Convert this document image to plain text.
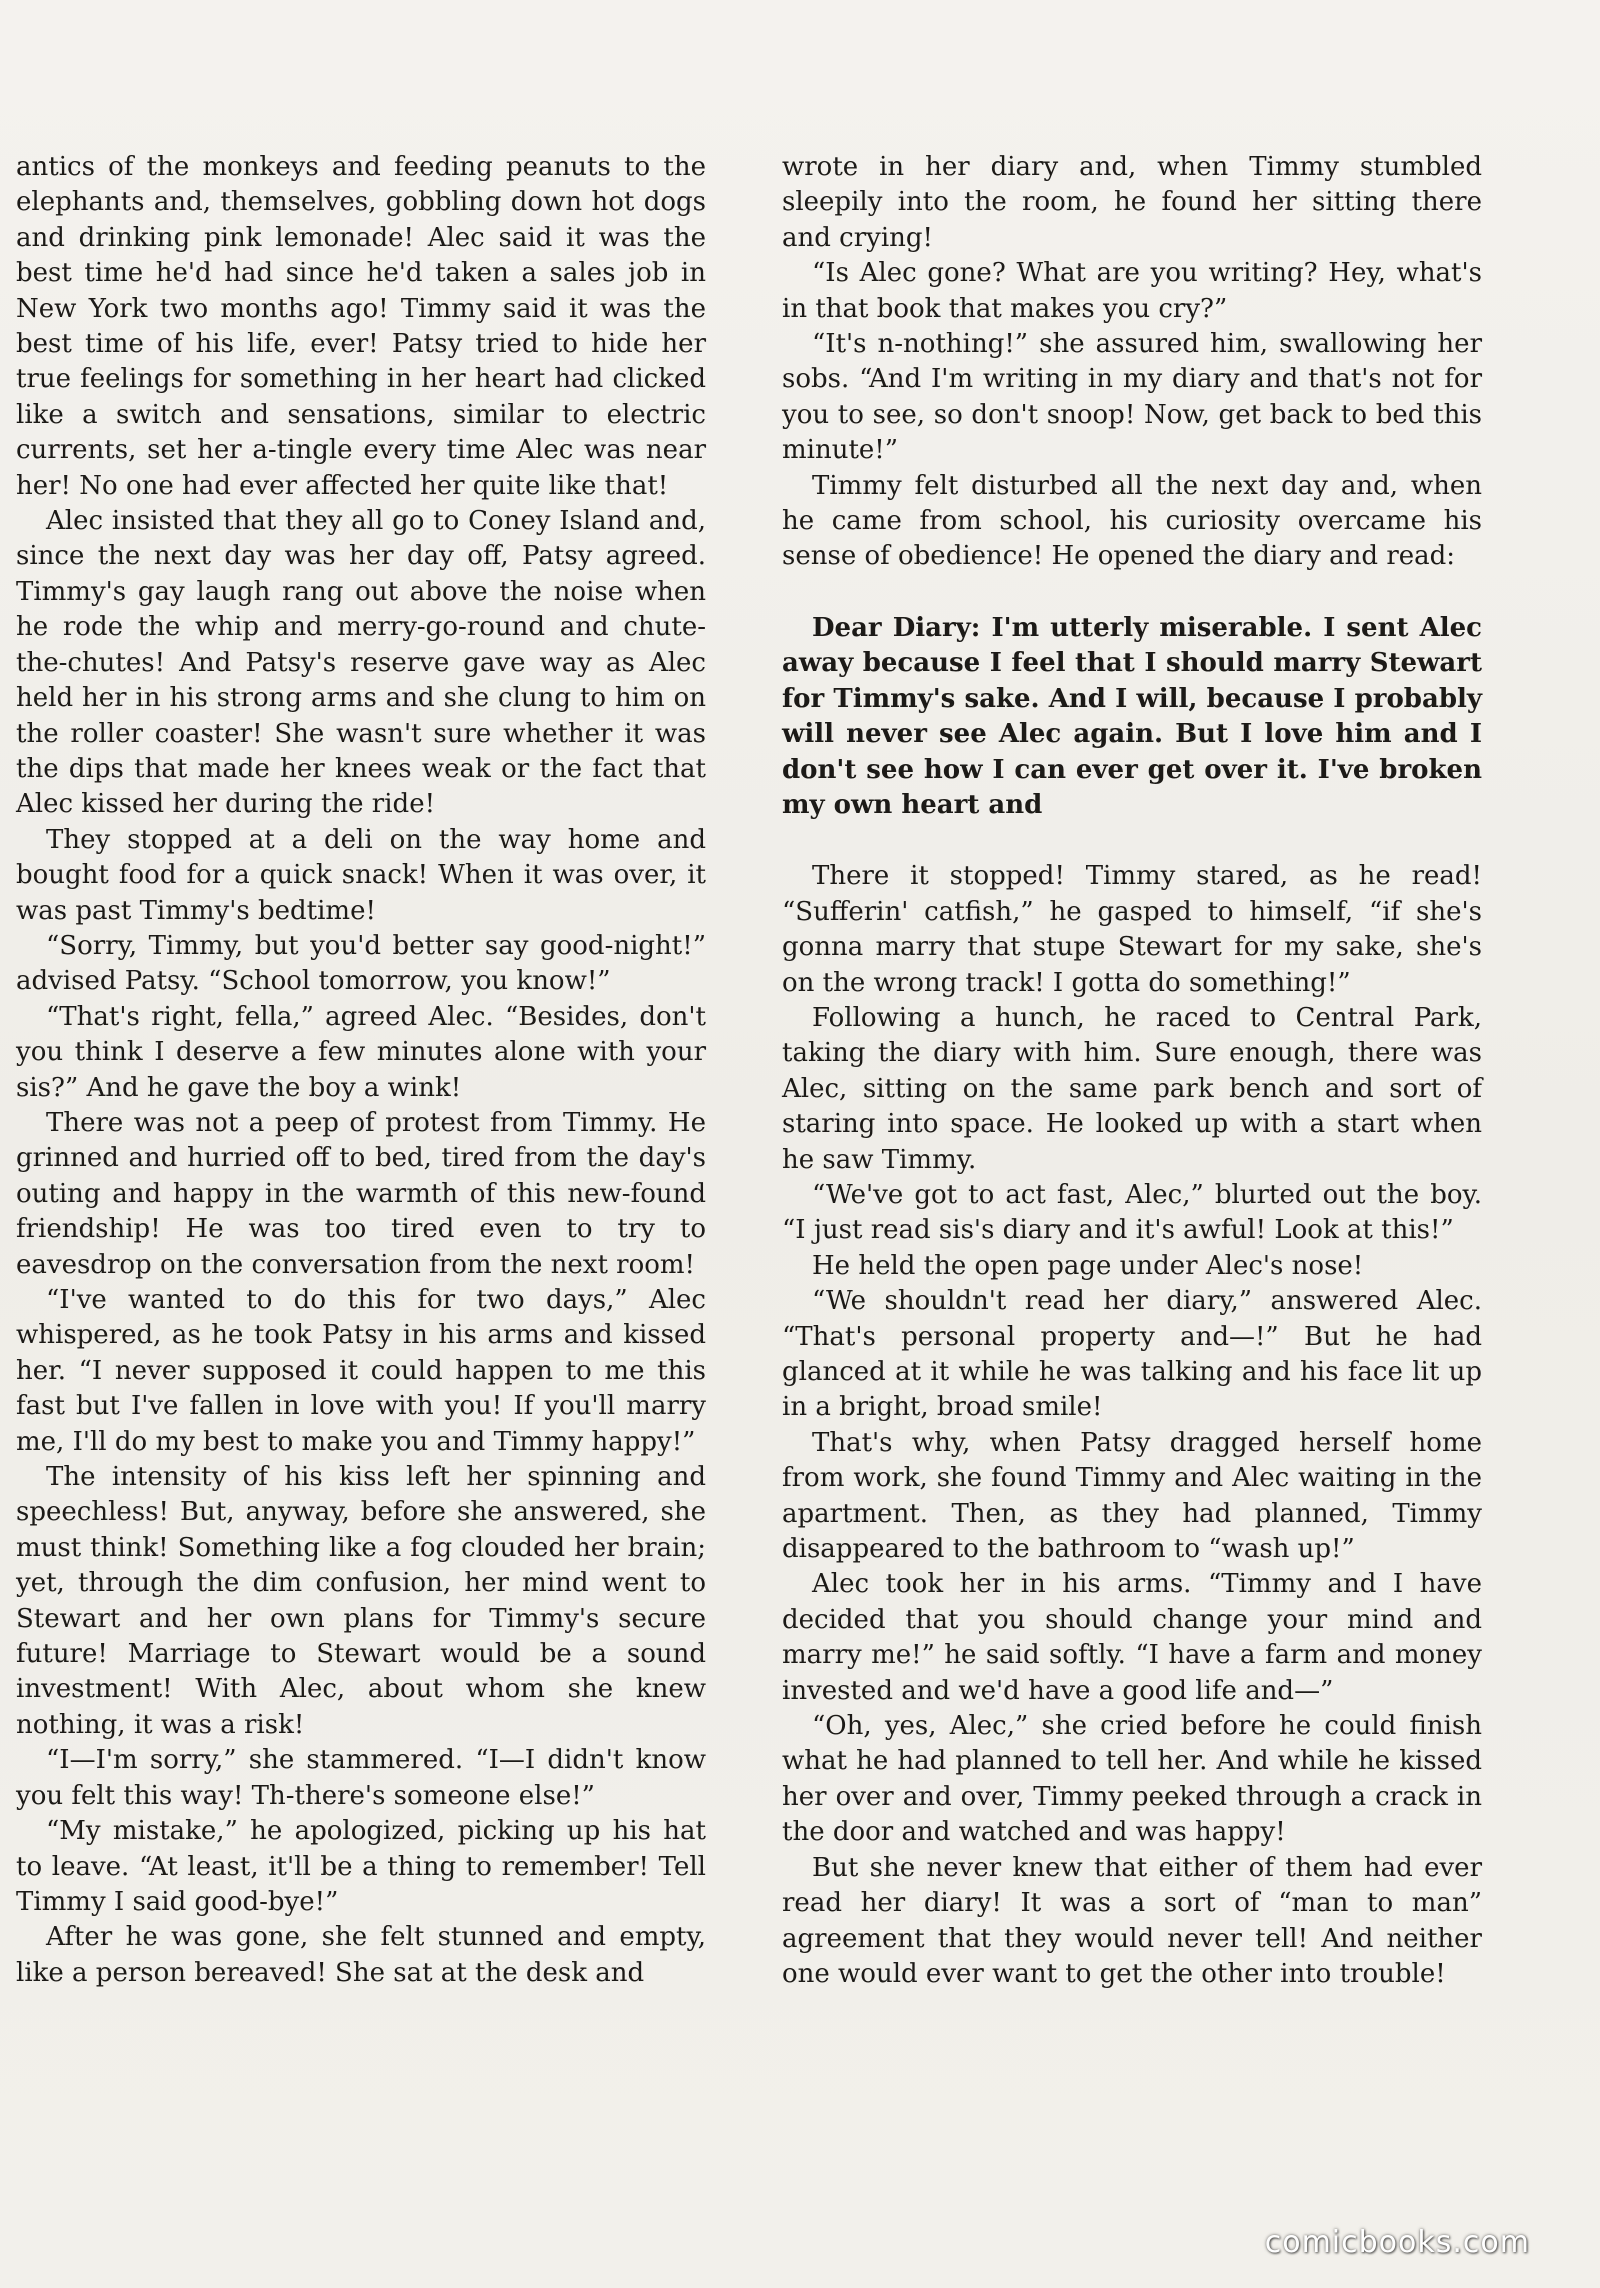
antics of the monkeys and feeding peanuts to the elephants and, themselves, gobbling down hot dogs and drinking pink lemonade! Alec said it was the best time he'd had since he'd taken a sales job in New York two months ago! Timmy said it was the best time of his life, ever! Patsy tried to hide her true feelings for something in her heart had clicked like a switch and sensations, similar to electric currents, set her a-tingle every time Alec was near her! No one had ever affected her quite like that!

Alec insisted that they all go to Coney Island and, since the next day was her day off, Patsy agreed. Timmy's gay laugh rang out above the noise when he rode the whip and merry-go-round and chute-the-chutes! And Patsy's reserve gave way as Alec held her in his strong arms and she clung to him on the roller coaster! She wasn't sure whether it was the dips that made her knees weak or the fact that Alec kissed her during the ride!

They stopped at a deli on the way home and bought food for a quick snack! When it was over, it was past Timmy's bedtime!

“Sorry, Timmy, but you'd better say good-night!” advised Patsy. “School tomorrow, you know!”

“That's right, fella,” agreed Alec. “Besides, don't you think I deserve a few minutes alone with your sis?” And he gave the boy a wink!

There was not a peep of protest from Timmy. He grinned and hurried off to bed, tired from the day's outing and happy in the warmth of this new-found friendship! He was too tired even to try to eavesdrop on the conversation from the next room!

“I've wanted to do this for two days,” Alec whispered, as he took Patsy in his arms and kissed her. “I never supposed it could happen to me this fast but I've fallen in love with you! If you'll marry me, I'll do my best to make you and Timmy happy!”

The intensity of his kiss left her spinning and speechless! But, anyway, before she answered, she must think! Something like a fog clouded her brain; yet, through the dim confusion, her mind went to Stewart and her own plans for Timmy's secure future! Marriage to Stewart would be a sound investment! With Alec, about whom she knew nothing, it was a risk!

“I—I'm sorry,” she stammered. “I—I didn't know you felt this way! Th-there's someone else!”

“My mistake,” he apologized, picking up his hat to leave. “At least, it'll be a thing to remember! Tell Timmy I said good-bye!”

After he was gone, she felt stunned and empty, like a person bereaved! She sat at the desk and

wrote in her diary and, when Timmy stumbled sleepily into the room, he found her sitting there and crying!

“Is Alec gone? What are you writing? Hey, what's in that book that makes you cry?”

“It's n-nothing!” she assured him, swallowing her sobs. “And I'm writing in my diary and that's not for you to see, so don't snoop! Now, get back to bed this minute!”

Timmy felt disturbed all the next day and, when he came from school, his curiosity overcame his sense of obedience! He opened the diary and read:

Dear Diary: I'm utterly miserable. I sent Alec away because I feel that I should marry Stewart for Timmy's sake. And I will, because I probably will never see Alec again. But I love him and I don't see how I can ever get over it. I've broken my own heart and

There it stopped! Timmy stared, as he read! “Sufferin' catfish,” he gasped to himself, “if she's gonna marry that stupe Stewart for my sake, she's on the wrong track! I gotta do something!”

Following a hunch, he raced to Central Park, taking the diary with him. Sure enough, there was Alec, sitting on the same park bench and sort of staring into space. He looked up with a start when he saw Timmy.

“We've got to act fast, Alec,” blurted out the boy. “I just read sis's diary and it's awful! Look at this!”

He held the open page under Alec's nose!

“We shouldn't read her diary,” answered Alec. “That's personal property and—!” But he had glanced at it while he was talking and his face lit up in a bright, broad smile!

That's why, when Patsy dragged herself home from work, she found Timmy and Alec waiting in the apartment. Then, as they had planned, Timmy disappeared to the bathroom to “wash up!”

Alec took her in his arms. “Timmy and I have decided that you should change your mind and marry me!” he said softly. “I have a farm and money invested and we'd have a good life and—”

“Oh, yes, Alec,” she cried before he could finish what he had planned to tell her. And while he kissed her over and over, Timmy peeked through a crack in the door and watched and was happy!

But she never knew that either of them had ever read her diary! It was a sort of “man to man” agreement that they would never tell! And neither one would ever want to get the other into trouble!

comicbooks.com
